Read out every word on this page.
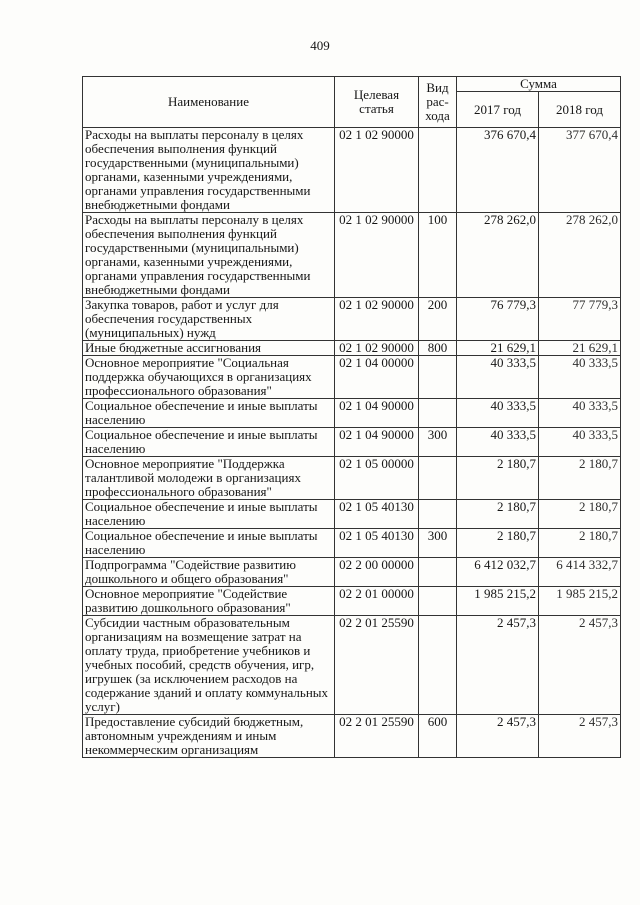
409
Наименование	Целевая статья	Вид рас-хода	Сумма	
			2017 год	2018 год
Расходы на выплаты персоналу в целях обеспечения выполнения функций государственными (муниципальными) органами, казенными учреждениями, органами управления государственными внебюджетными фондами	02 1 02 90000		376 670,4	377 670,4
Расходы на выплаты персоналу в целях обеспечения выполнения функций государственными (муниципальными) органами, казенными учреждениями, органами управления государственными внебюджетными фондами	02 1 02 90000	100	278 262,0	278 262,0
Закупка товаров, работ и услуг для обеспечения государственных (муниципальных) нужд	02 1 02 90000	200	76 779,3	77 779,3
Иные бюджетные ассигнования	02 1 02 90000	800	21 629,1	21 629,1
Основное мероприятие "Социальная поддержка обучающихся в организациях профессионального образования"	02 1 04 00000		40 333,5	40 333,5
Социальное обеспечение и иные выплаты населению	02 1 04 90000		40 333,5	40 333,5
Социальное обеспечение и иные выплаты населению	02 1 04 90000	300	40 333,5	40 333,5
Основное мероприятие "Поддержка талантливой молодежи в организациях профессионального образования"	02 1 05 00000		2 180,7	2 180,7
Социальное обеспечение и иные выплаты населению	02 1 05 40130		2 180,7	2 180,7
Социальное обеспечение и иные выплаты населению	02 1 05 40130	300	2 180,7	2 180,7
Подпрограмма "Содействие развитию дошкольного и общего образования"	02 2 00 00000		6 412 032,7	6 414 332,7
Основное мероприятие "Содействие развитию дошкольного образования"	02 2 01 00000		1 985 215,2	1 985 215,2
Субсидии частным образовательным организациям на возмещение затрат на оплату труда, приобретение учебников и учебных пособий, средств обучения, игр, игрушек (за исключением расходов на содержание зданий и оплату коммунальных услуг)	02 2 01 25590		2 457,3	2 457,3
Предоставление субсидий бюджетным, автономным учреждениям и иным некоммерческим организациям	02 2 01 25590	600	2 457,3	2 457,3
